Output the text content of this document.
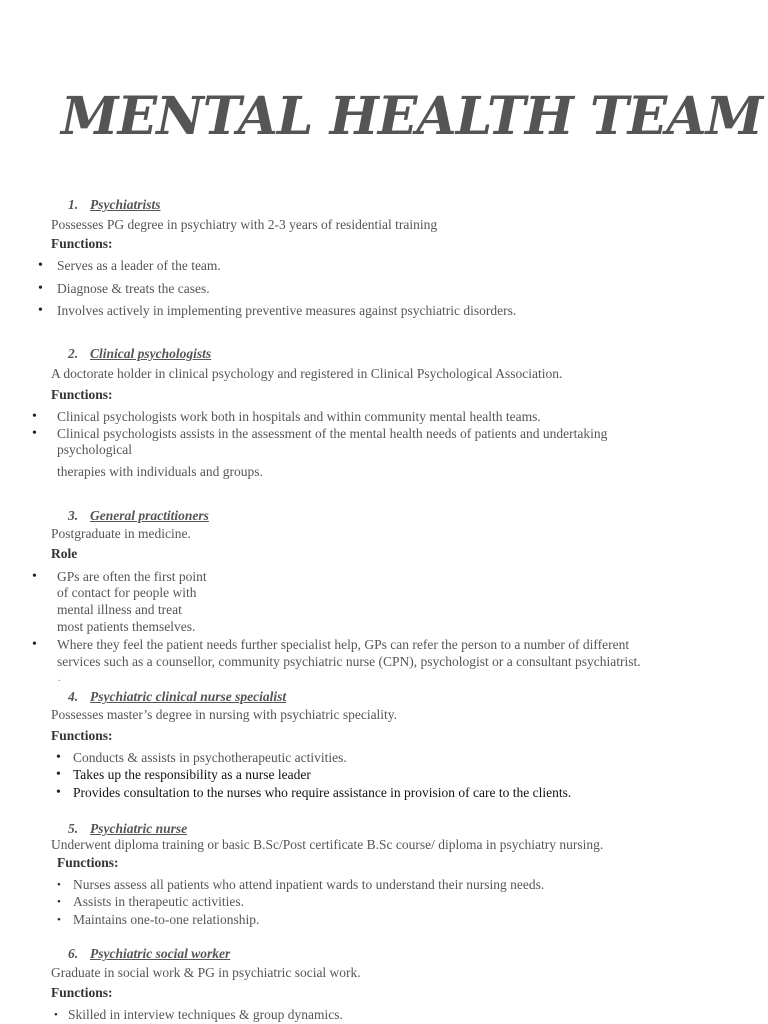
MENTAL HEALTH TEAM
1. Psychiatrists
Possesses PG degree in psychiatry with 2-3 years of residential training
Functions:
• Serves as a leader of the team.
• Diagnose & treats the cases.
• Involves actively in implementing preventive measures against psychiatric disorders.
2. Clinical psychologists
A doctorate holder in clinical psychology and registered in Clinical Psychological Association.
Functions:
• Clinical psychologists work both in hospitals and within community mental health teams.
• Clinical psychologists assists in the assessment of the mental health needs of patients and undertaking
psychological
therapies with individuals and groups.
3. General practitioners
Postgraduate in medicine.
Role
• GPs are often the first point
of contact for people with
mental illness and treat
most patients themselves.
• Where they feel the patient needs further specialist help, GPs can refer the person to a number of different
services such as a counsellor, community psychiatric nurse (CPN), psychologist or a consultant psychiatrist.
.
4. Psychiatric clinical nurse specialist
Possesses master’s degree in nursing with psychiatric speciality.
Functions:
• Conducts & assists in psychotherapeutic activities.
• Takes up the responsibility as a nurse leader
• Provides consultation to the nurses who require assistance in provision of care to the clients.
5. Psychiatric nurse
Underwent diploma training or basic B.Sc/Post certificate B.Sc course/ diploma in psychiatry nursing.
Functions:
• Nurses assess all patients who attend inpatient wards to understand their nursing needs.
• Assists in therapeutic activities.
• Maintains one-to-one relationship.
6. Psychiatric social worker
Graduate in social work & PG in psychiatric social work.
Functions:
• Skilled in interview techniques & group dynamics.
